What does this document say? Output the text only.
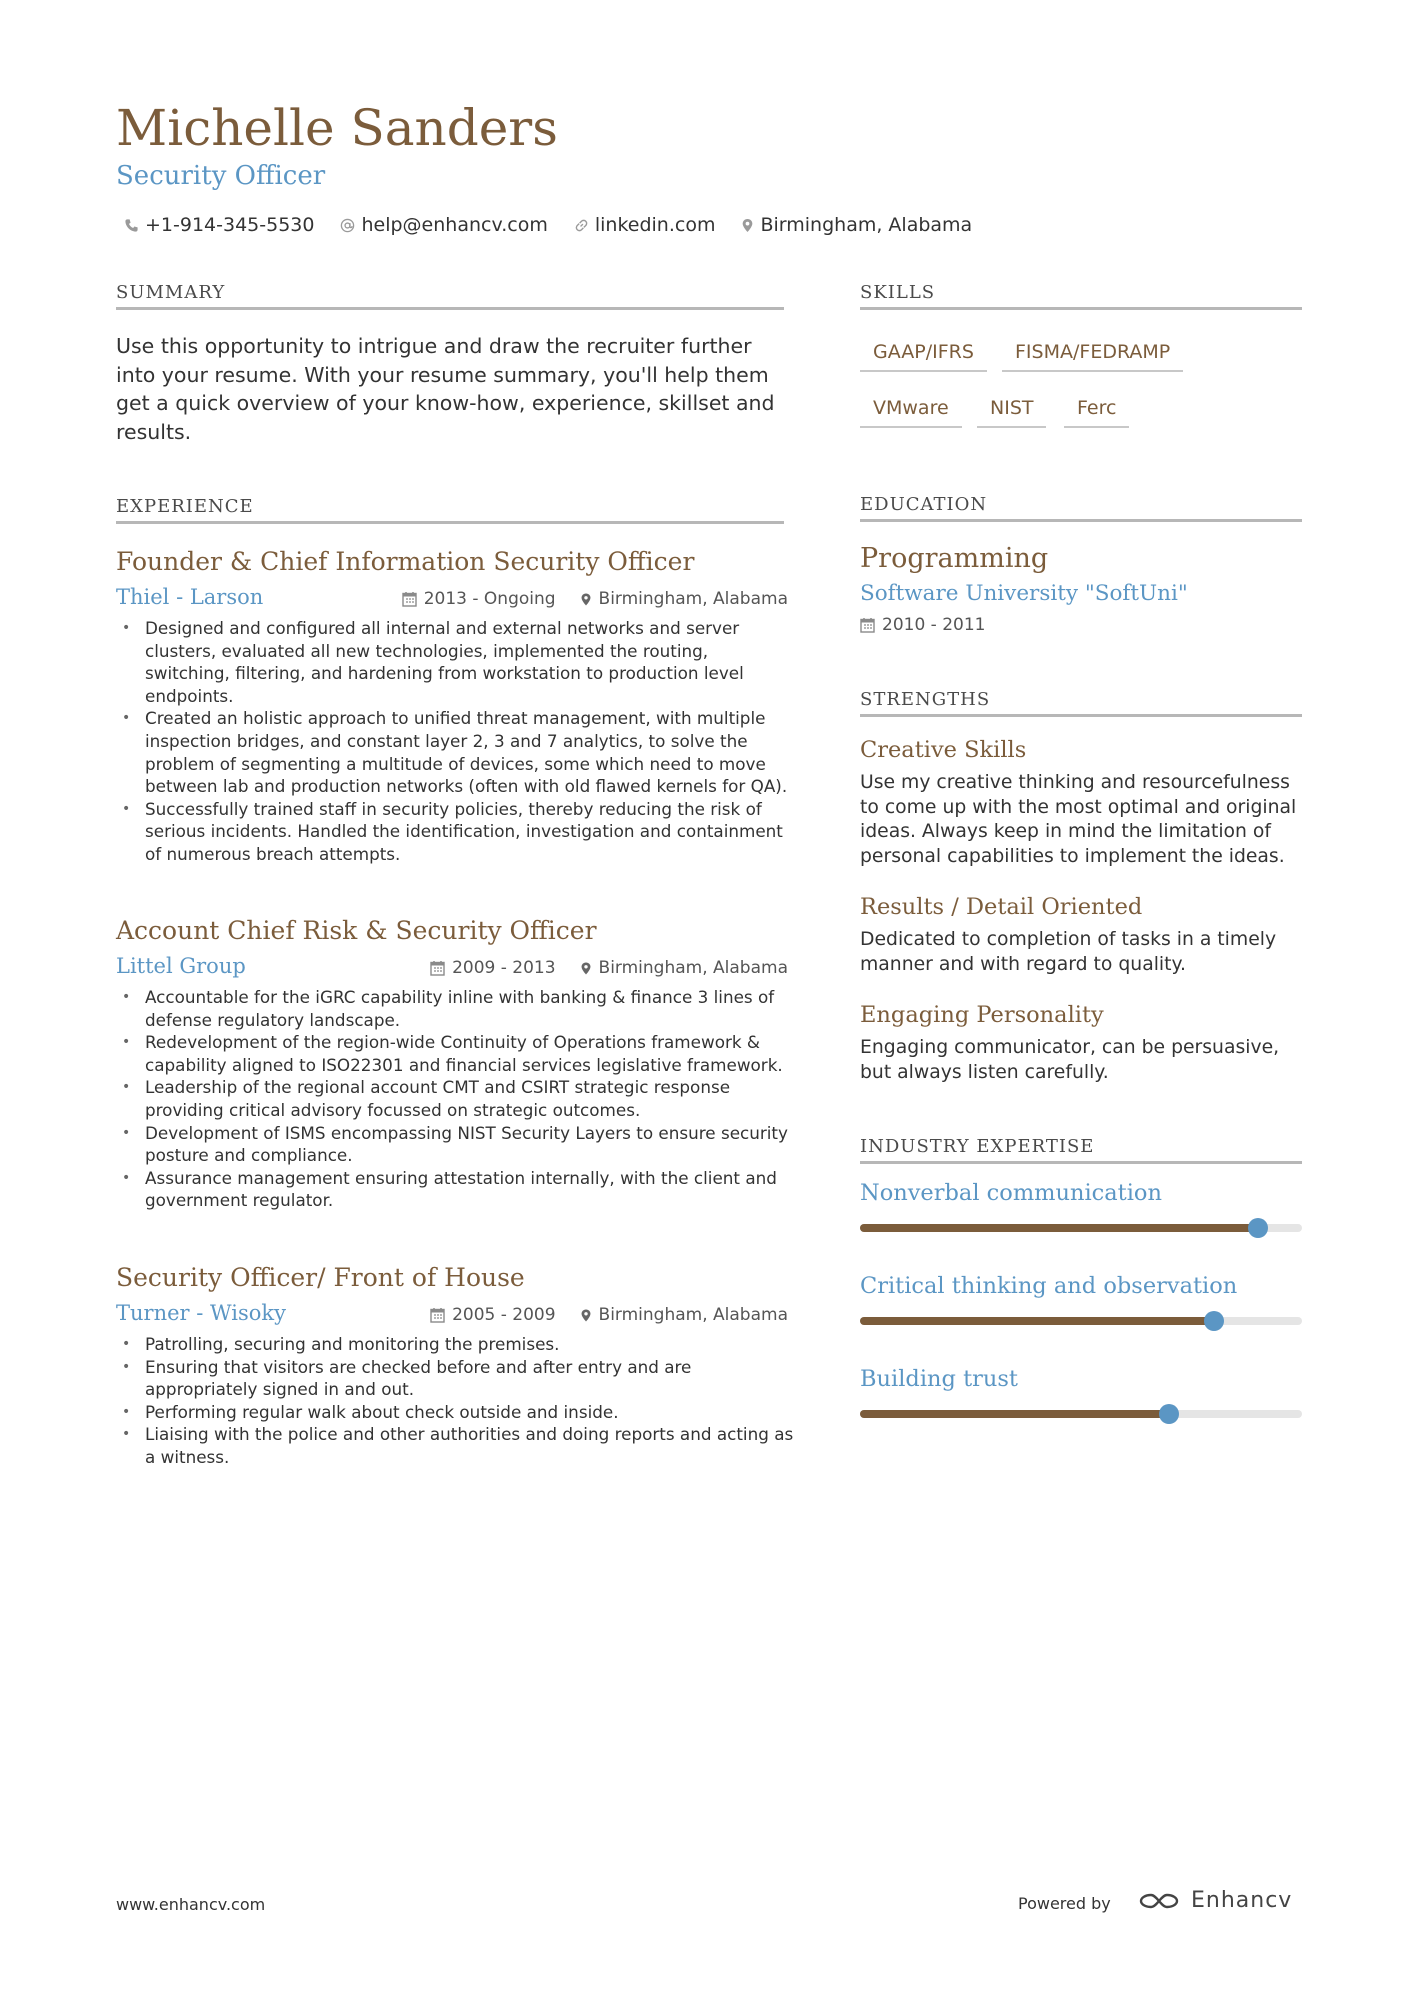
Michelle Sanders
Security Officer
+1-914-345-5530 help@enhancv.com linkedin.com Birmingham, Alabama
SUMMARY
Use this opportunity to intrigue and draw the recruiter further into your resume. With your resume summary, you'll help them get a quick overview of your know-how, experience, skillset and results.
EXPERIENCE
Founder & Chief Information Security Officer
Thiel - Larson	2013 - Ongoing	Birmingham, Alabama
• Designed and configured all internal and external networks and server clusters, evaluated all new technologies, implemented the routing, switching, filtering, and hardening from workstation to production level endpoints.
• Created an holistic approach to unified threat management, with multiple inspection bridges, and constant layer 2, 3 and 7 analytics, to solve the problem of segmenting a multitude of devices, some which need to move between lab and production networks (often with old flawed kernels for QA).
• Successfully trained staff in security policies, thereby reducing the risk of serious incidents. Handled the identification, investigation and containment of numerous breach attempts.
Account Chief Risk & Security Officer
Littel Group	2009 - 2013	Birmingham, Alabama
• Accountable for the iGRC capability inline with banking & finance 3 lines of defense regulatory landscape.
• Redevelopment of the region-wide Continuity of Operations framework & capability aligned to ISO22301 and financial services legislative framework.
• Leadership of the regional account CMT and CSIRT strategic response providing critical advisory focussed on strategic outcomes.
• Development of ISMS encompassing NIST Security Layers to ensure security posture and compliance.
• Assurance management ensuring attestation internally, with the client and government regulator.
Security Officer/ Front of House
Turner - Wisoky	2005 - 2009	Birmingham, Alabama
• Patrolling, securing and monitoring the premises.
• Ensuring that visitors are checked before and after entry and are appropriately signed in and out.
• Performing regular walk about check outside and inside.
• Liaising with the police and other authorities and doing reports and acting as a witness.
SKILLS
GAAP/IFRS	FISMA/FEDRAMP
VMware	NIST	Ferc
EDUCATION
Programming
Software University "SoftUni"
2010 - 2011
STRENGTHS
Creative Skills
Use my creative thinking and resourcefulness to come up with the most optimal and original ideas. Always keep in mind the limitation of personal capabilities to implement the ideas.
Results / Detail Oriented
Dedicated to completion of tasks in a timely manner and with regard to quality.
Engaging Personality
Engaging communicator, can be persuasive, but always listen carefully.
INDUSTRY EXPERTISE
Nonverbal communication
Critical thinking and observation
Building trust
www.enhancv.com	Powered by	Enhancv
